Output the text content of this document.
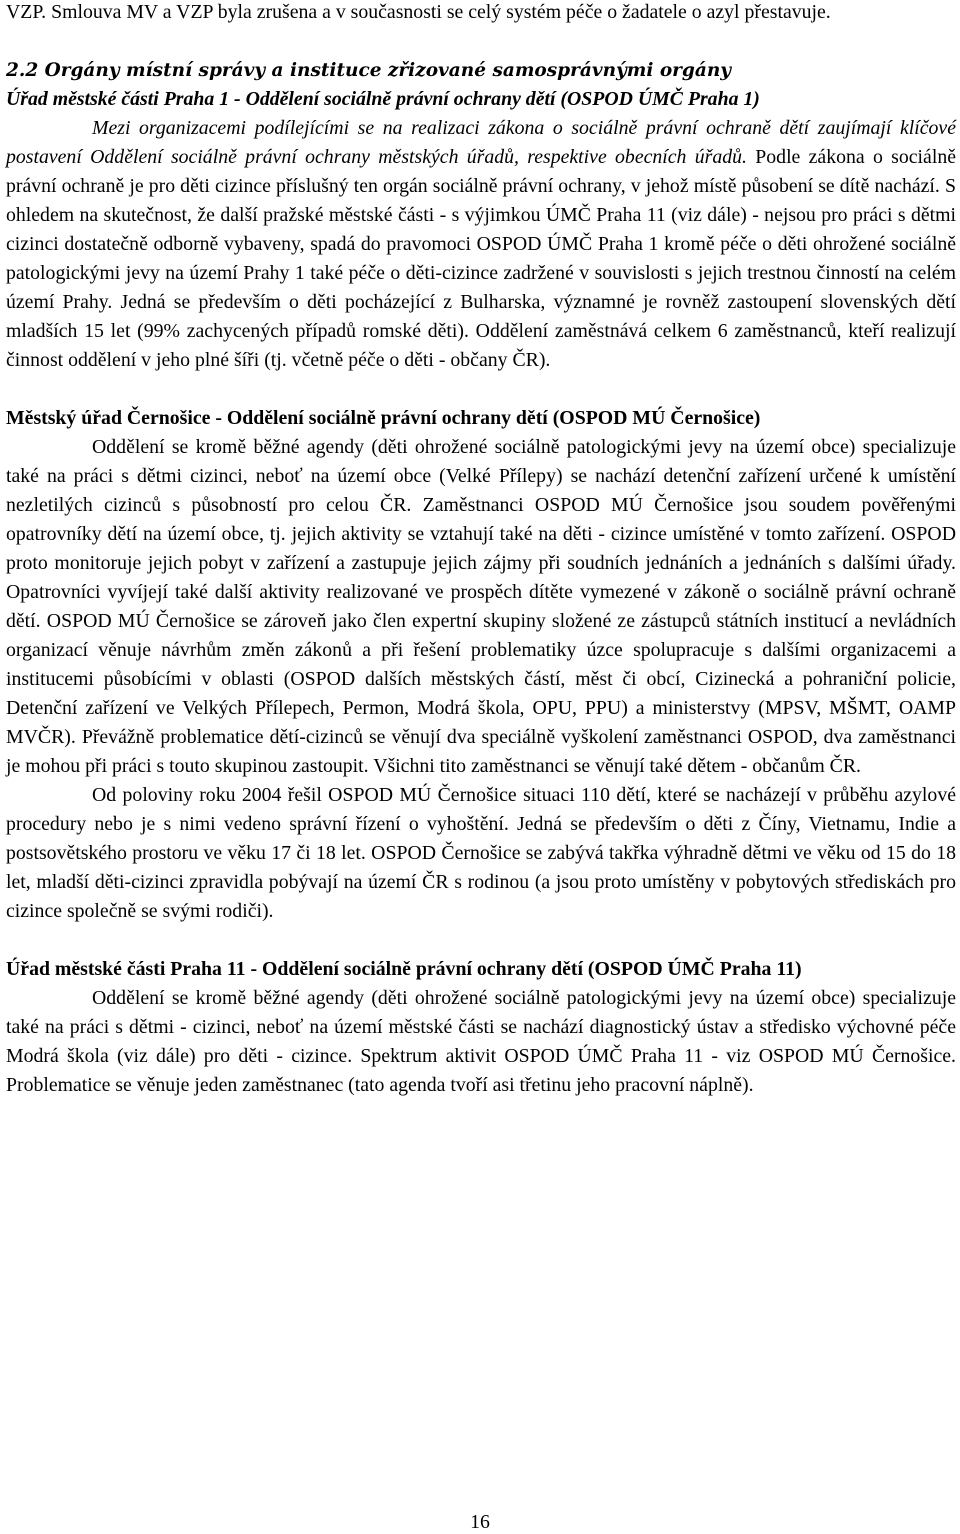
VZP. Smlouva MV a VZP byla zrušena a v současnosti se celý systém péče o žadatele o azyl přestavuje.

2.2 Orgány místní správy a instituce zřizované samosprávnými orgány

Úřad městské části Praha 1 - Oddělení sociálně právní ochrany dětí (OSPOD ÚMČ Praha 1)

Mezi organizacemi podílejícími se na realizaci zákona o sociálně právní ochraně dětí zaujímají klíčové postavení Oddělení sociálně právní ochrany městských úřadů, respektive obecních úřadů. Podle zákona o sociálně právní ochraně je pro děti cizince příslušný ten orgán sociálně právní ochrany, v jehož místě působení se dítě nachází. S ohledem na skutečnost, že další pražské městské části - s výjimkou ÚMČ Praha 11 (viz dále) - nejsou pro práci s dětmi cizinci dostatečně odborně vybaveny, spadá do pravomoci OSPOD ÚMČ Praha 1 kromě péče o děti ohrožené sociálně patologickými jevy na území Prahy 1 také péče o děti-cizince zadržené v souvislosti s jejich trestnou činností na celém území Prahy. Jedná se především o děti pocházející z Bulharska, významné je rovněž zastoupení slovenských dětí mladších 15 let (99% zachycených případů romské děti). Oddělení zaměstnává celkem 6 zaměstnanců, kteří realizují činnost oddělení v jeho plné šíři (tj. včetně péče o děti - občany ČR).

Městský úřad Černošice - Oddělení sociálně právní ochrany dětí (OSPOD MÚ Černošice)

Oddělení se kromě běžné agendy (děti ohrožené sociálně patologickými jevy na území obce) specializuje také na práci s dětmi cizinci, neboť na území obce (Velké Přílepy) se nachází detenční zařízení určené k umístění nezletilých cizinců s působností pro celou ČR. Zaměstnanci OSPOD MÚ Černošice jsou soudem pověřenými opatrovníky dětí na území obce, tj. jejich aktivity se vztahují také na děti - cizince umístěné v tomto zařízení. OSPOD proto monitoruje jejich pobyt v zařízení a zastupuje jejich zájmy při soudních jednáních a jednáních s dalšími úřady. Opatrovníci vyvíjejí také další aktivity realizované ve prospěch dítěte vymezené v zákoně o sociálně právní ochraně dětí. OSPOD MÚ Černošice se zároveň jako člen expertní skupiny složené ze zástupců státních institucí a nevládních organizací věnuje návrhům změn zákonů a při řešení problematiky úzce spolupracuje s dalšími organizacemi a institucemi působícími v oblasti (OSPOD dalších městských částí, měst či obcí, Cizinecká a pohraniční policie, Detenční zařízení ve Velkých Přílepech, Permon, Modrá škola, OPU, PPU) a ministerstvy (MPSV, MŠMT, OAMP MVČR). Převážně problematice dětí-cizinců se věnují dva speciálně vyškolení zaměstnanci OSPOD, dva zaměstnanci je mohou při práci s touto skupinou zastoupit. Všichni tito zaměstnanci se věnují také dětem - občanům ČR.

Od poloviny roku 2004 řešil OSPOD MÚ Černošice situaci 110 dětí, které se nacházejí v průběhu azylové procedury nebo je s nimi vedeno správní řízení o vyhoštění. Jedná se především o děti z Číny, Vietnamu, Indie a postsovětského prostoru ve věku 17 či 18 let. OSPOD Černošice se zabývá takřka výhradně dětmi ve věku od 15 do 18 let, mladší děti-cizinci zpravidla pobývají na území ČR s rodinou (a jsou proto umístěny v pobytových střediskách pro cizince společně se svými rodiči).

Úřad městské části Praha 11 - Oddělení sociálně právní ochrany dětí (OSPOD ÚMČ Praha 11)

Oddělení se kromě běžné agendy (děti ohrožené sociálně patologickými jevy na území obce) specializuje také na práci s dětmi - cizinci, neboť na území městské části se nachází diagnostický ústav a středisko výchovné péče Modrá škola (viz dále) pro děti - cizince. Spektrum aktivit OSPOD ÚMČ Praha 11 - viz OSPOD MÚ Černošice. Problematice se věnuje jeden zaměstnanec (tato agenda tvoří asi třetinu jeho pracovní náplně).

16
